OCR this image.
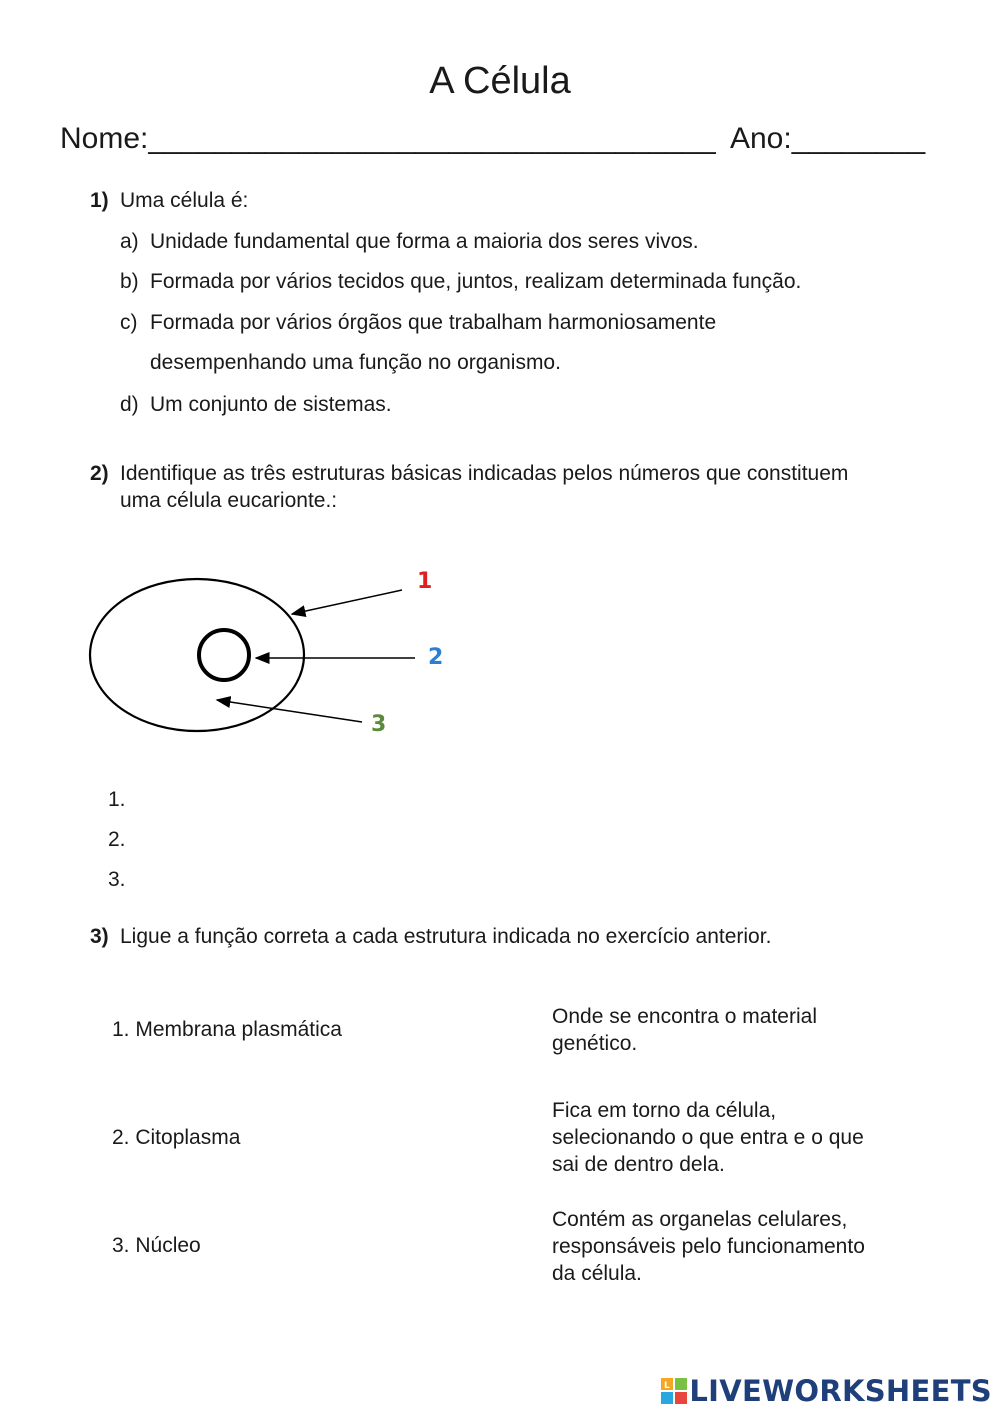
A Célula
Nome:__________________________________ Ano:________
1) Uma célula é:
a) Unidade fundamental que forma a maioria dos seres vivos.
b) Formada por vários tecidos que, juntos, realizam determinada função.
c) Formada por vários órgãos que trabalham harmoniosamente
desempenhando uma função no organismo.
d) Um conjunto de sistemas.
2) Identifique as três estruturas básicas indicadas pelos números que constituem
uma célula eucarionte.:
1
2
3
1.
2.
3.
3) Ligue a função correta a cada estrutura indicada no exercício anterior.
1. Membrana plasmática
2. Citoplasma
3. Núcleo
Onde se encontra o material genético.
Fica em torno da célula, selecionando o que entra e o que sai de dentro dela.
Contém as organelas celulares, responsáveis pelo funcionamento da célula.
L LIVEWORKSHEETS
